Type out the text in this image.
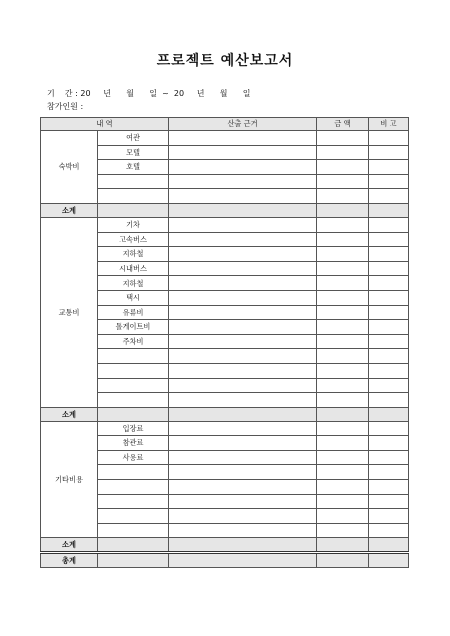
프로젝트 예산보고서
기    간 : 20     년      월      일  ~  20     년      월      일
참가인원 :
내 역		산출 근거	금 액	비 고
숙박비	여관			
	모텔			
	호텔			

소계				
교통비	기차			
	고속버스			
	지하철			
	시내버스			
	지하철			
	택시			
	유류비			
	톨게이트비			
	주차비			

소계				
기타비용	입장료			
	참관료			
	사용료			

소계				
총계				
